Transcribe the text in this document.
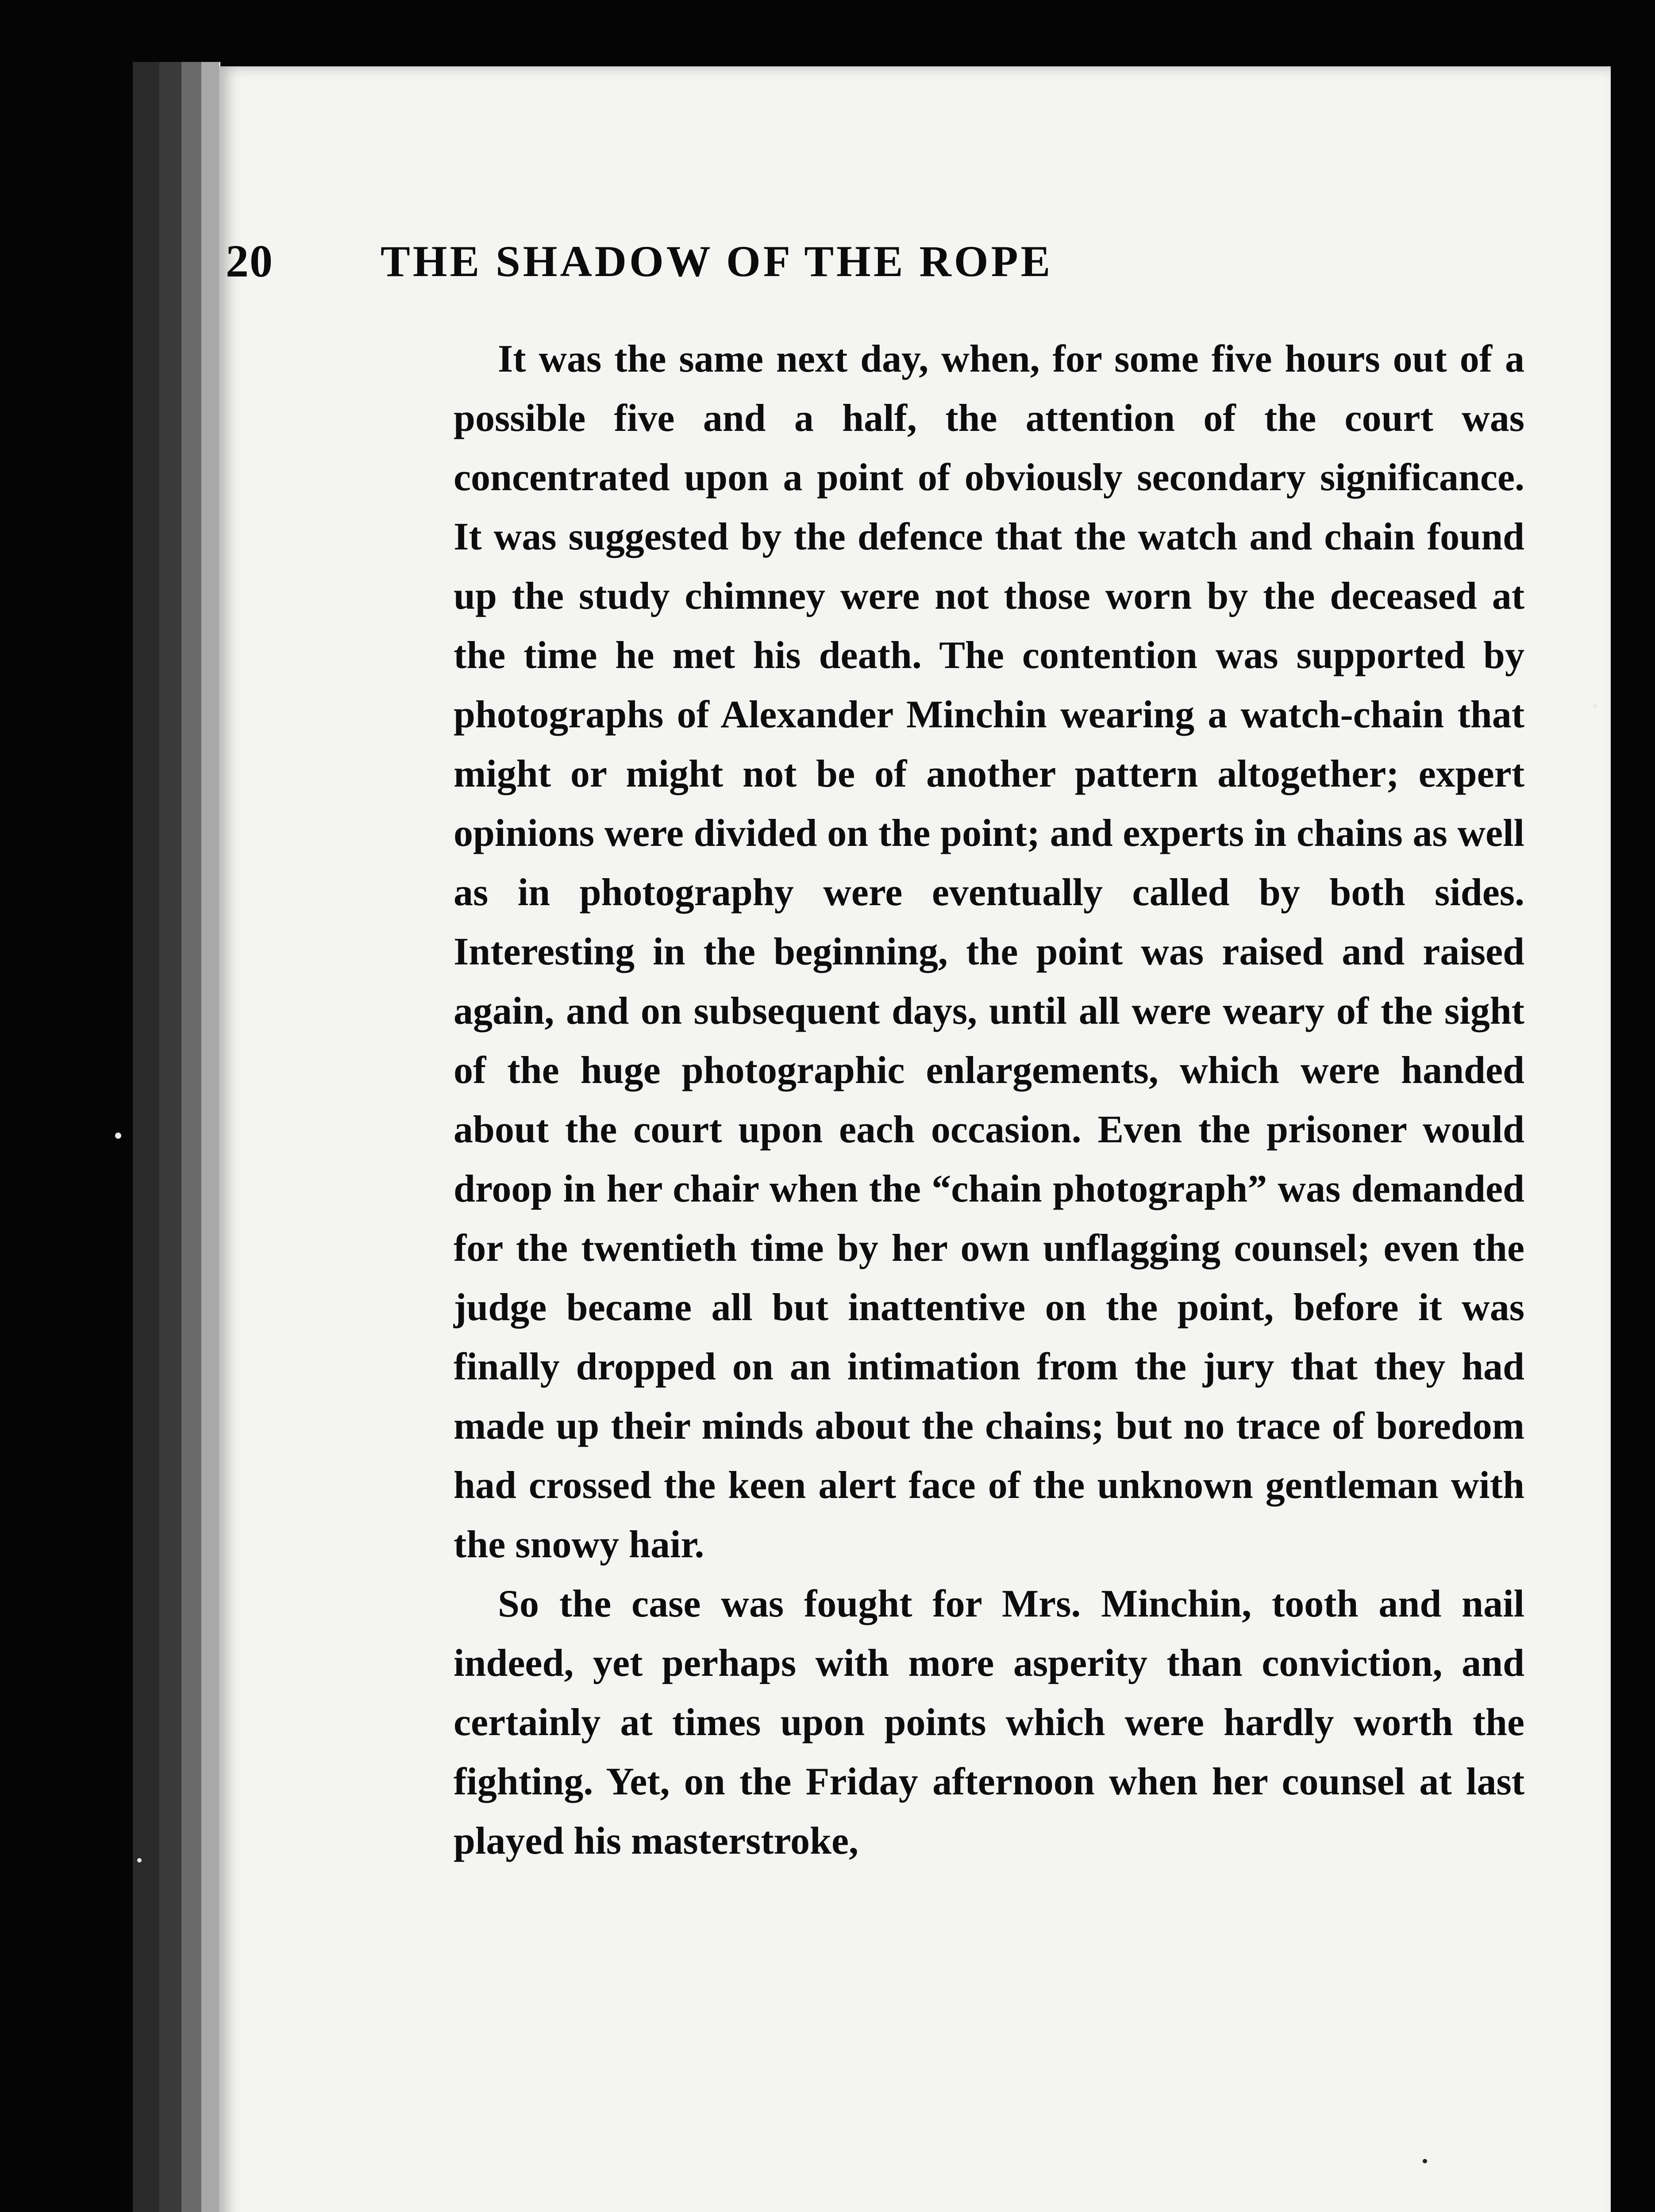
20	THE SHADOW OF THE ROPE

It was the same next day, when, for some five hours out of a possible five and a half, the attention of the court was concentrated upon a point of obviously secondary significance. It was suggested by the defence that the watch and chain found up the study chimney were not those worn by the deceased at the time he met his death. The contention was supported by photographs of Alexander Minchin wearing a watch-chain that might or might not be of another pattern altogether; expert opinions were divided on the point; and experts in chains as well as in photography were eventually called by both sides. Interesting in the beginning, the point was raised and raised again, and on subsequent days, until all were weary of the sight of the huge photographic enlargements, which were handed about the court upon each occasion. Even the prisoner would droop in her chair when the “chain photograph” was demanded for the twentieth time by her own unflagging counsel; even the judge became all but inattentive on the point, before it was finally dropped on an intimation from the jury that they had made up their minds about the chains; but no trace of boredom had crossed the keen alert face of the unknown gentleman with the snowy hair.

So the case was fought for Mrs. Minchin, tooth and nail indeed, yet perhaps with more asperity than conviction, and certainly at times upon points which were hardly worth the fighting. Yet, on the Friday afternoon when her counsel at last played his masterstroke,
